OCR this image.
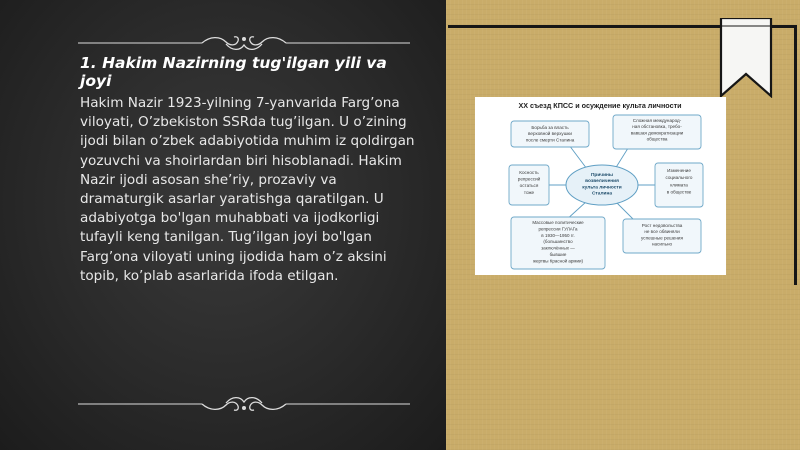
1. Hakim Nazirning tug'ilgan yili va joyi

Hakim Nazir 1923-yilning 7-yanvarida Farg’ona viloyati, O’zbekiston SSRda tug’ilgan. U o’zining ijodi bilan o’zbek adabiyotida muhim iz qoldirgan yozuvchi va shoirlardan biri hisoblanadi. Hakim Nazir ijodi asosan she’riy, prozaviy va dramaturgik asarlar yaratishga qaratilgan. U adabiyotga bo'lgan muhabbati va ijodkorligi tufayli keng tanilgan. Tug’ilgan joyi bo'lgan Farg’ona viloyati uning ijodida ham o’z aksini topib, ko’plab asarlarida ifoda etilgan.

XX съезд КПСС и осуждение культа личности
Борьба за власть
верховной верхушки
после смерти Сталина
Сложная международ-
ная обстановка, требо-
вавшая демократизации
общества
Косность
репрессий
остаться
тоже
Изменение
социального
климата
в обществе
Массовые политические
репрессии ГУЛАГа
в 1930—1950 гг.
(большинство
заключённых —
бывшие
жертвы Красной армии)
Рост недовольства
не все обвиняли
успешные решения
насильно
Причины
возвеличения
культа личности
Сталина
